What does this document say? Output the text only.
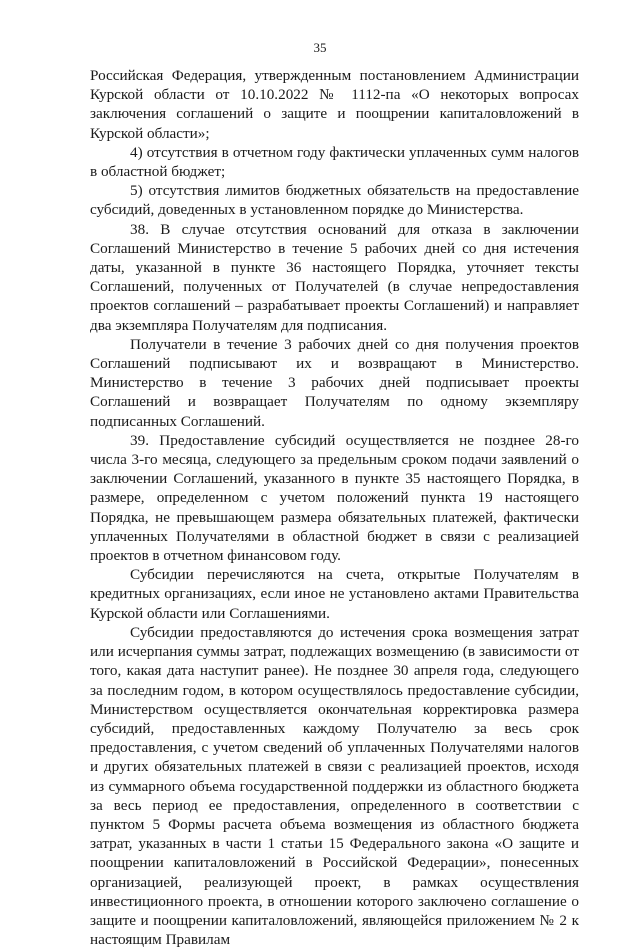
35

Российская Федерация, утвержденным постановлением Администрации Курской области от 10.10.2022 № 1112-па «О некоторых вопросах заключения соглашений о защите и поощрении капиталовложений в Курской области»;

4) отсутствия в отчетном году фактически уплаченных сумм налогов в областной бюджет;

5) отсутствия лимитов бюджетных обязательств на предоставление субсидий, доведенных в установленном порядке до Министерства.

38. В случае отсутствия оснований для отказа в заключении Соглашений Министерство в течение 5 рабочих дней со дня истечения даты, указанной в пункте 36 настоящего Порядка, уточняет тексты Соглашений, полученных от Получателей (в случае непредоставления проектов соглашений – разрабатывает проекты Соглашений) и направляет два экземпляра Получателям для подписания.

Получатели в течение 3 рабочих дней со дня получения проектов Соглашений подписывают их и возвращают в Министерство. Министерство в течение 3 рабочих дней подписывает проекты Соглашений и возвращает Получателям по одному экземпляру подписанных Соглашений.

39. Предоставление субсидий осуществляется не позднее 28-го числа 3-го месяца, следующего за предельным сроком подачи заявлений о заключении Соглашений, указанного в пункте 35 настоящего Порядка, в размере, определенном с учетом положений пункта 19 настоящего Порядка, не превышающем размера обязательных платежей, фактически уплаченных Получателями в областной бюджет в связи с реализацией проектов в отчетном финансовом году.

Субсидии перечисляются на счета, открытые Получателям в кредитных организациях, если иное не установлено актами Правительства Курской области или Соглашениями.

Субсидии предоставляются до истечения срока возмещения затрат или исчерпания суммы затрат, подлежащих возмещению (в зависимости от того, какая дата наступит ранее). Не позднее 30 апреля года, следующего за последним годом, в котором осуществлялось предоставление субсидии, Министерством осуществляется окончательная корректировка размера субсидий, предоставленных каждому Получателю за весь срок предоставления, с учетом сведений об уплаченных Получателями налогов и других обязательных платежей в связи с реализацией проектов, исходя из суммарного объема государственной поддержки из областного бюджета за весь период ее предоставления, определенного в соответствии с пунктом 5 Формы расчета объема возмещения из областного бюджета затрат, указанных в части 1 статьи 15 Федерального закона «О защите и поощрении капиталовложений в Российской Федерации», понесенных организацией, реализующей проект, в рамках осуществления инвестиционного проекта, в отношении которого заключено соглашение о защите и поощрении капиталовложений, являющейся приложением № 2 к настоящим Правилам
